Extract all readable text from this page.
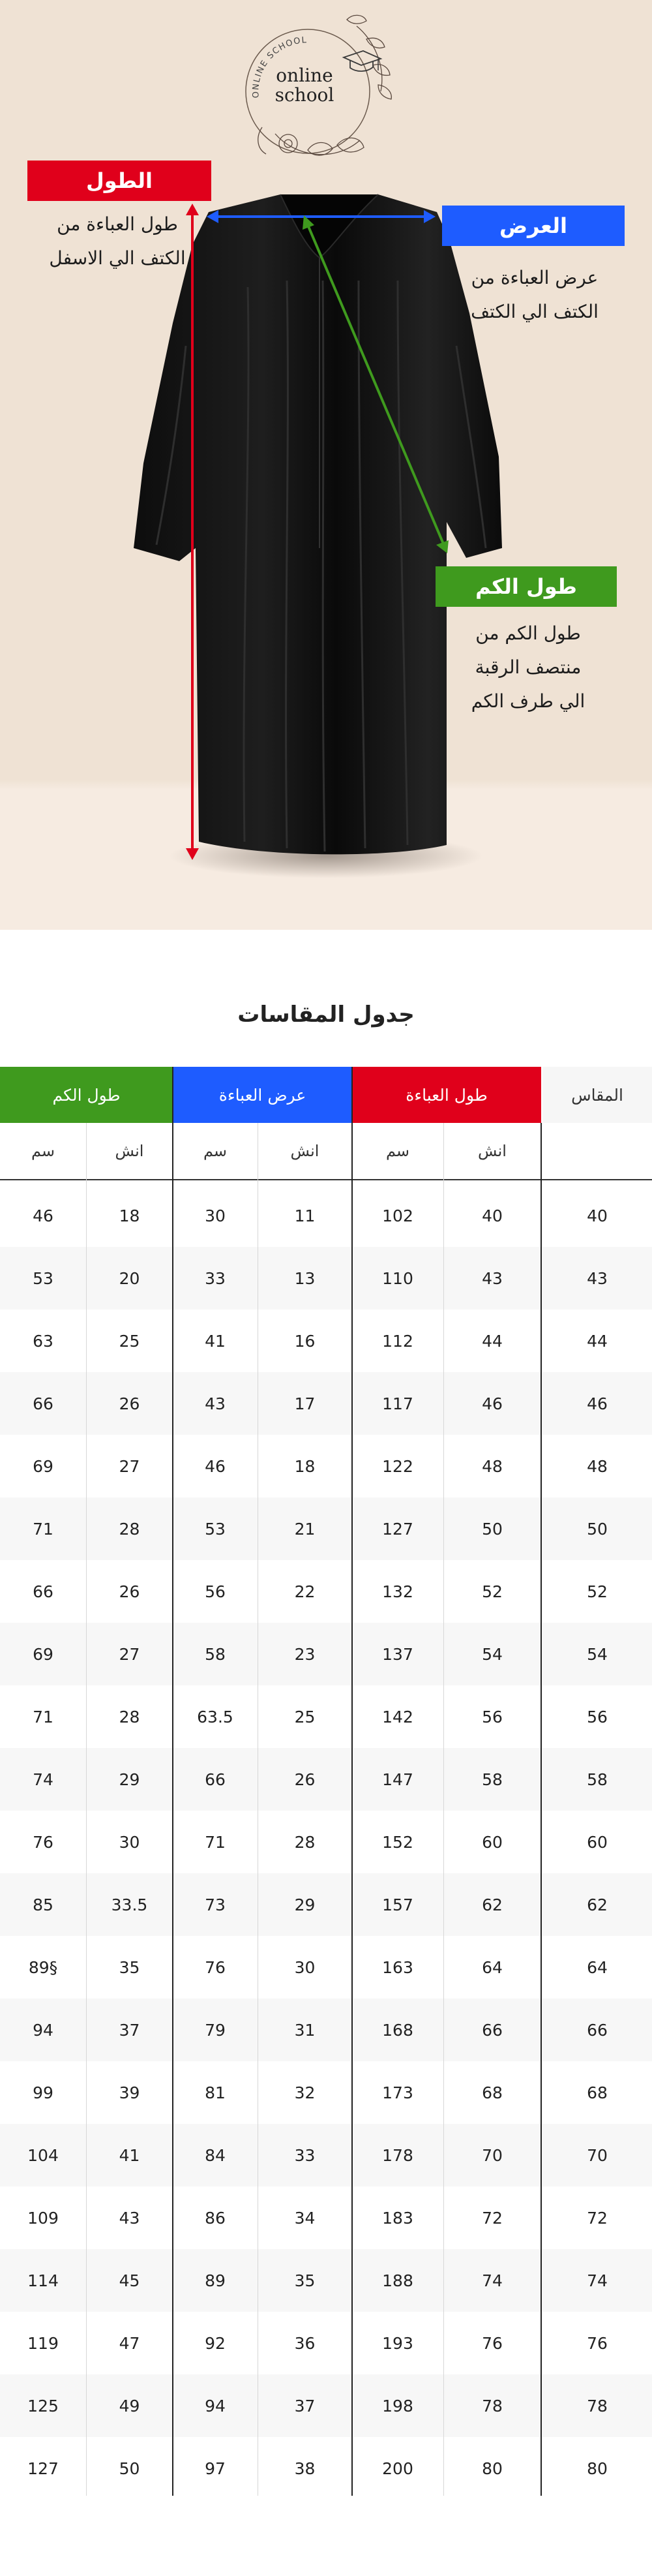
ONLINE SCHOOL
online
school
الطول
طول العباءة من
الكتف الي الاسفل
العرض
عرض العباءة من
الكتف الي الكتف
طول الكم
طول الكم من
منتصف الرقبة
الي طرف الكم
جدول المقاسات
طول الكم	عرض العباءة	طول العباءة	المقاس
سم	انش	سم	انش	سم	انش
46	18	30	11	102	40	40
53	20	33	13	110	43	43
63	25	41	16	112	44	44
66	26	43	17	117	46	46
69	27	46	18	122	48	48
71	28	53	21	127	50	50
66	26	56	22	132	52	52
69	27	58	23	137	54	54
71	28	63.5	25	142	56	56
74	29	66	26	147	58	58
76	30	71	28	152	60	60
85	33.5	73	29	157	62	62
89§	35	76	30	163	64	64
94	37	79	31	168	66	66
99	39	81	32	173	68	68
104	41	84	33	178	70	70
109	43	86	34	183	72	72
114	45	89	35	188	74	74
119	47	92	36	193	76	76
125	49	94	37	198	78	78
127	50	97	38	200	80	80
